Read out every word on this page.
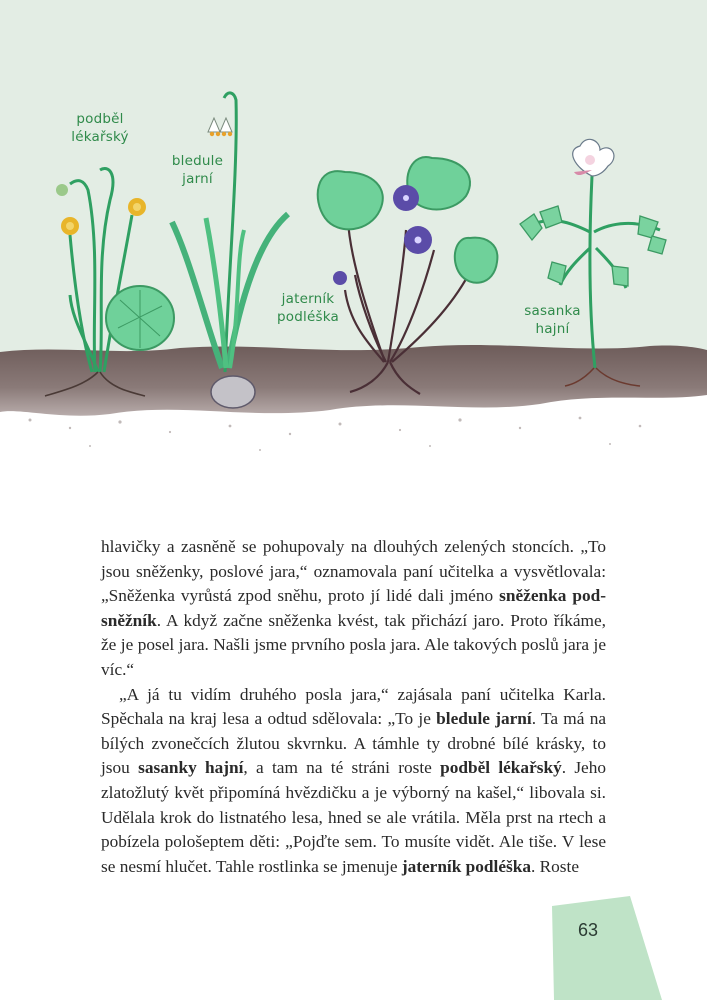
podběl
lékařský
bledule
jarní
jaterník
podléška	sasanka
hajní

hlavičky a zasněně se pohupovaly na dlouhých zelených stoncích. „To jsou sněženky, poslové jara,“ oznamovala paní učitelka a vysvětlovala: „Sněženka vyrůstá zpod sněhu, proto jí lidé dali jméno sněženka podsněžník. A když začne sněženka kvést, tak přichází jaro. Proto říkáme, že je posel jara. Našli jsme prvního posla jara. Ale takových poslů jara je víc.“

„A já tu vidím druhého posla jara,“ zajásala paní učitelka Karla. Spěchala na kraj lesa a odtud sdělovala: „To je bledule jarní. Ta má na bílých zvonečcích žlutou skvrnku. A támhle ty drobné bílé krásky, to jsou sasanky hajní, a tam na té stráni roste podběl lékařský. Jeho zlatožlutý květ připomíná hvězdičku a je výborný na kašel,“ libovala si. Udělala krok do listnatého lesa, hned se ale vrátila. Měla prst na rtech a pobízela pološeptem děti: „Pojďte sem. To musíte vidět. Ale tiše. V lese se nesmí hlučet. Tahle rostlinka se jmenuje jaterník podléška. Roste

63
